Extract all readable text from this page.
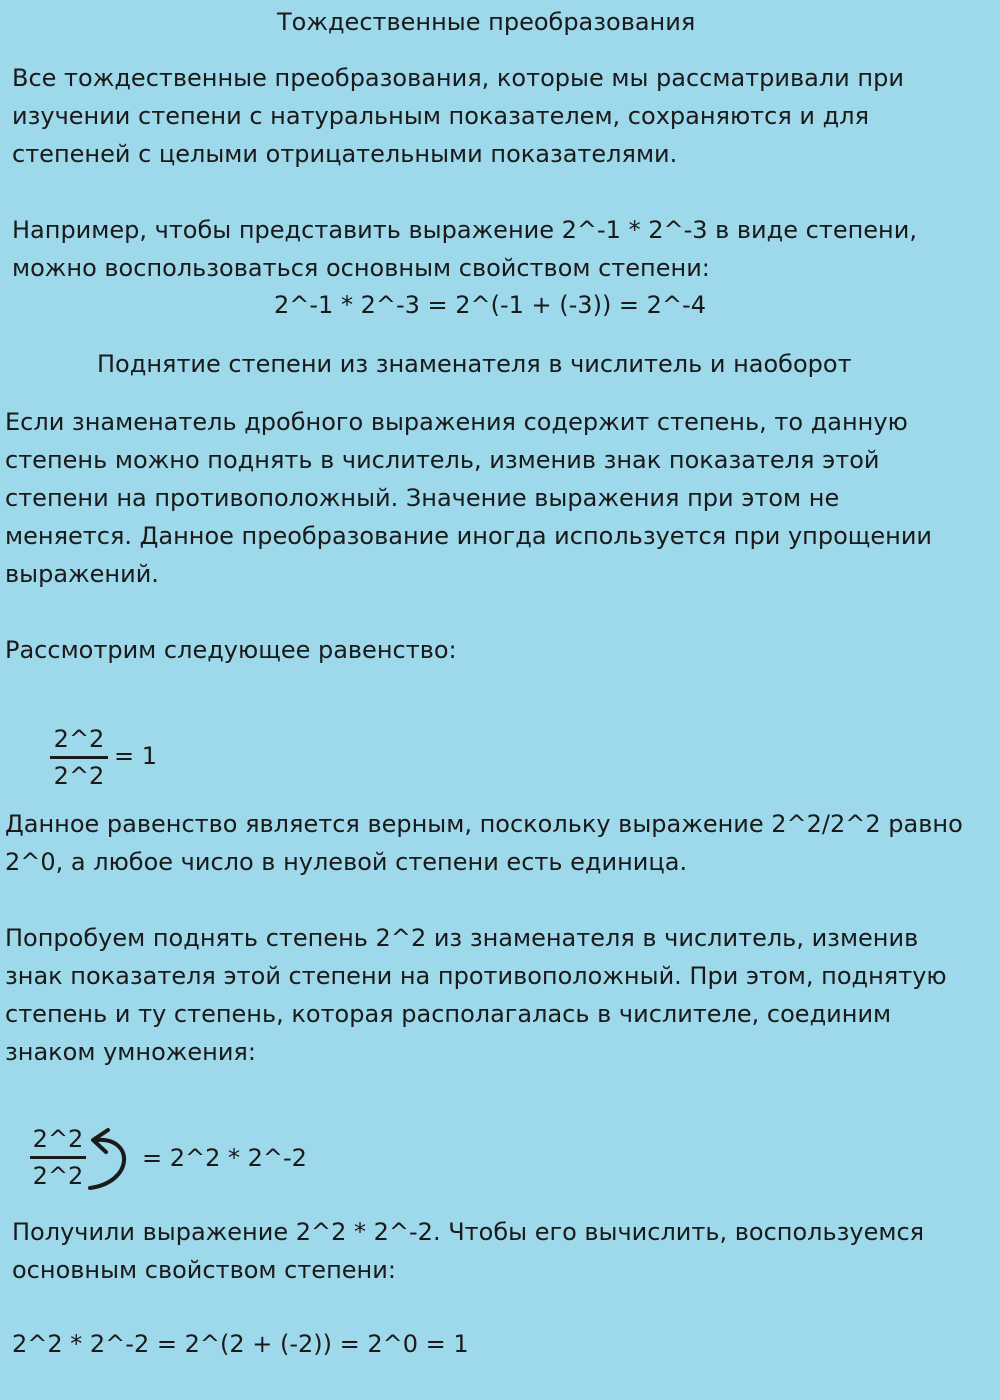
Тождественные преобразования
Все тождественные преобразования, которые мы рассматривали при
изучении степени с натуральным показателем, сохраняются и для
степеней с целыми отрицательными показателями.
Например, чтобы представить выражение 2^-1 * 2^-3 в виде степени,
можно воспользоваться основным свойством степени:
2^-1 * 2^-3 = 2^(-1 + (-3)) = 2^-4
Поднятие степени из знаменателя в числитель и наоборот
Если знаменатель дробного выражения содержит степень, то данную
степень можно поднять в числитель, изменив знак показателя этой
степени на противоположный. Значение выражения при этом не
меняется. Данное преобразование иногда используется при упрощении
выражений.
Рассмотрим следующее равенство:
2^2
2^2
= 1
Данное равенство является верным, поскольку выражение 2^2/2^2 равно
2^0, а любое число в нулевой степени есть единица.
Попробуем поднять степень 2^2 из знаменателя в числитель, изменив
знак показателя этой степени на противоположный. При этом, поднятую
степень и ту степень, которая располагалась в числителе, соединим
знаком умножения:
2^2
2^2
= 2^2 * 2^-2
Получили выражение 2^2 * 2^-2. Чтобы его вычислить, воспользуемся
основным свойством степени:
2^2 * 2^-2 = 2^(2 + (-2)) = 2^0 = 1
